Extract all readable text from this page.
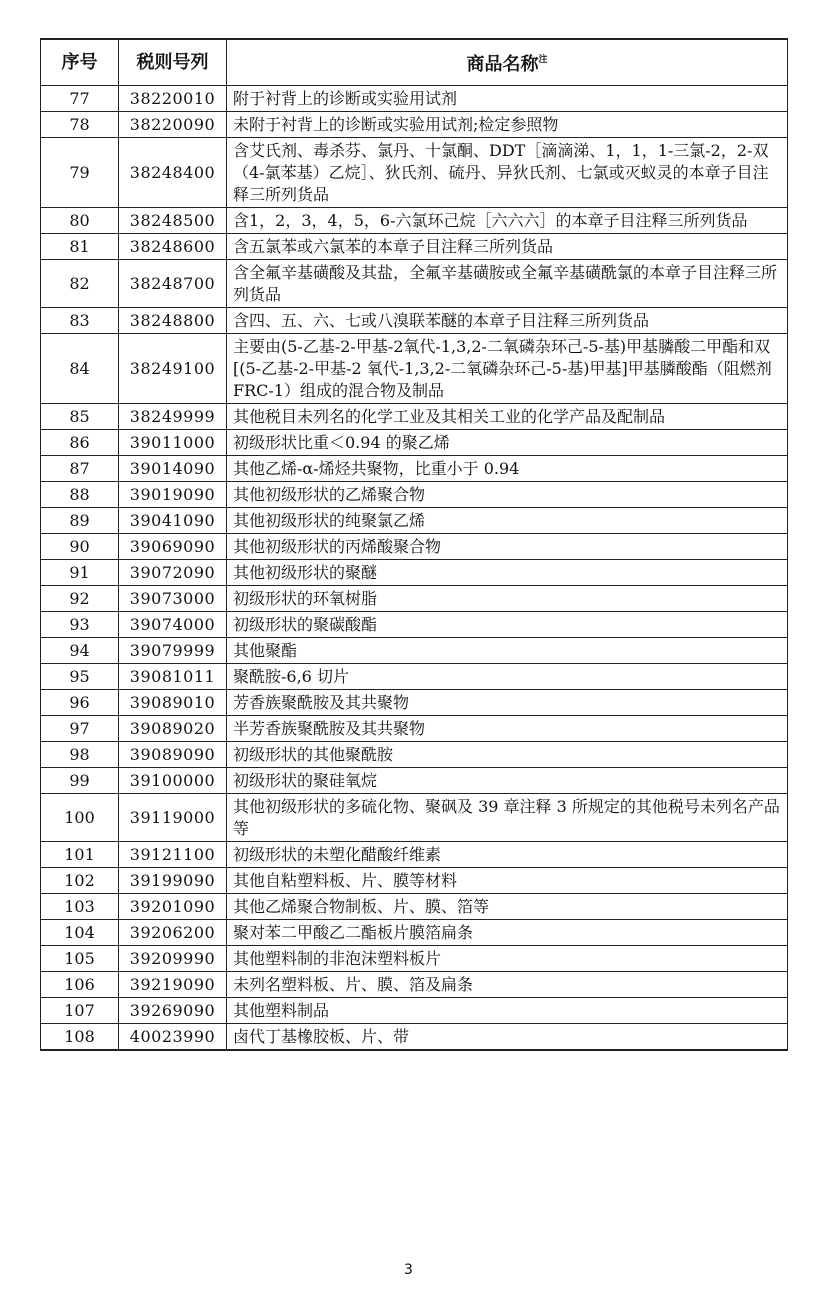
序号	税则号列	商品名称$^注$
77	38220010	附于衬背上的诊断或实验用试剂
78	38220090	未附于衬背上的诊断或实验用试剂;检定参照物
79	38248400	含艾氏剂、毒杀芬、氯丹、十氯酮、DDT［滴滴涕、1，1，1-三氯-2，2-双（4-氯苯基）乙烷］、狄氏剂、硫丹、异狄氏剂、七氯或灭蚁灵的本章子目注释三所列货品
80	38248500	含1，2，3，4，5，6-六氯环己烷［六六六］的本章子目注释三所列货品
81	38248600	含五氯苯或六氯苯的本章子目注释三所列货品
82	38248700	含全氟辛基磺酸及其盐，全氟辛基磺胺或全氟辛基磺酰氯的本章子目注释三所列货品
83	38248800	含四、五、六、七或八溴联苯醚的本章子目注释三所列货品
84	38249100	主要由(5-乙基-2-甲基-2氧代-1,3,2-二氧磷杂环己-5-基)甲基膦酸二甲酯和双[(5-乙基-2-甲基-2 氧代-1,3,2-二氧磷杂环己-5-基)甲基]甲基膦酸酯（阻燃剂 FRC-1）组成的混合物及制品
85	38249999	其他税目未列名的化学工业及其相关工业的化学产品及配制品
86	39011000	初级形状比重＜0.94 的聚乙烯
87	39014090	其他乙烯-α-烯烃共聚物，比重小于 0.94
88	39019090	其他初级形状的乙烯聚合物
89	39041090	其他初级形状的纯聚氯乙烯
90	39069090	其他初级形状的丙烯酸聚合物
91	39072090	其他初级形状的聚醚
92	39073000	初级形状的环氧树脂
93	39074000	初级形状的聚碳酸酯
94	39079999	其他聚酯
95	39081011	聚酰胺-6,6 切片
96	39089010	芳香族聚酰胺及其共聚物
97	39089020	半芳香族聚酰胺及其共聚物
98	39089090	初级形状的其他聚酰胺
99	39100000	初级形状的聚硅氧烷
100	39119000	其他初级形状的多硫化物、聚砜及 39 章注释 3 所规定的其他税号未列名产品等
101	39121100	初级形状的未塑化醋酸纤维素
102	39199090	其他自粘塑料板、片、膜等材料
103	39201090	其他乙烯聚合物制板、片、膜、箔等
104	39206200	聚对苯二甲酸乙二酯板片膜箔扁条
105	39209990	其他塑料制的非泡沫塑料板片
106	39219090	未列名塑料板、片、膜、箔及扁条
107	39269090	其他塑料制品
108	40023990	卤代丁基橡胶板、片、带
3
